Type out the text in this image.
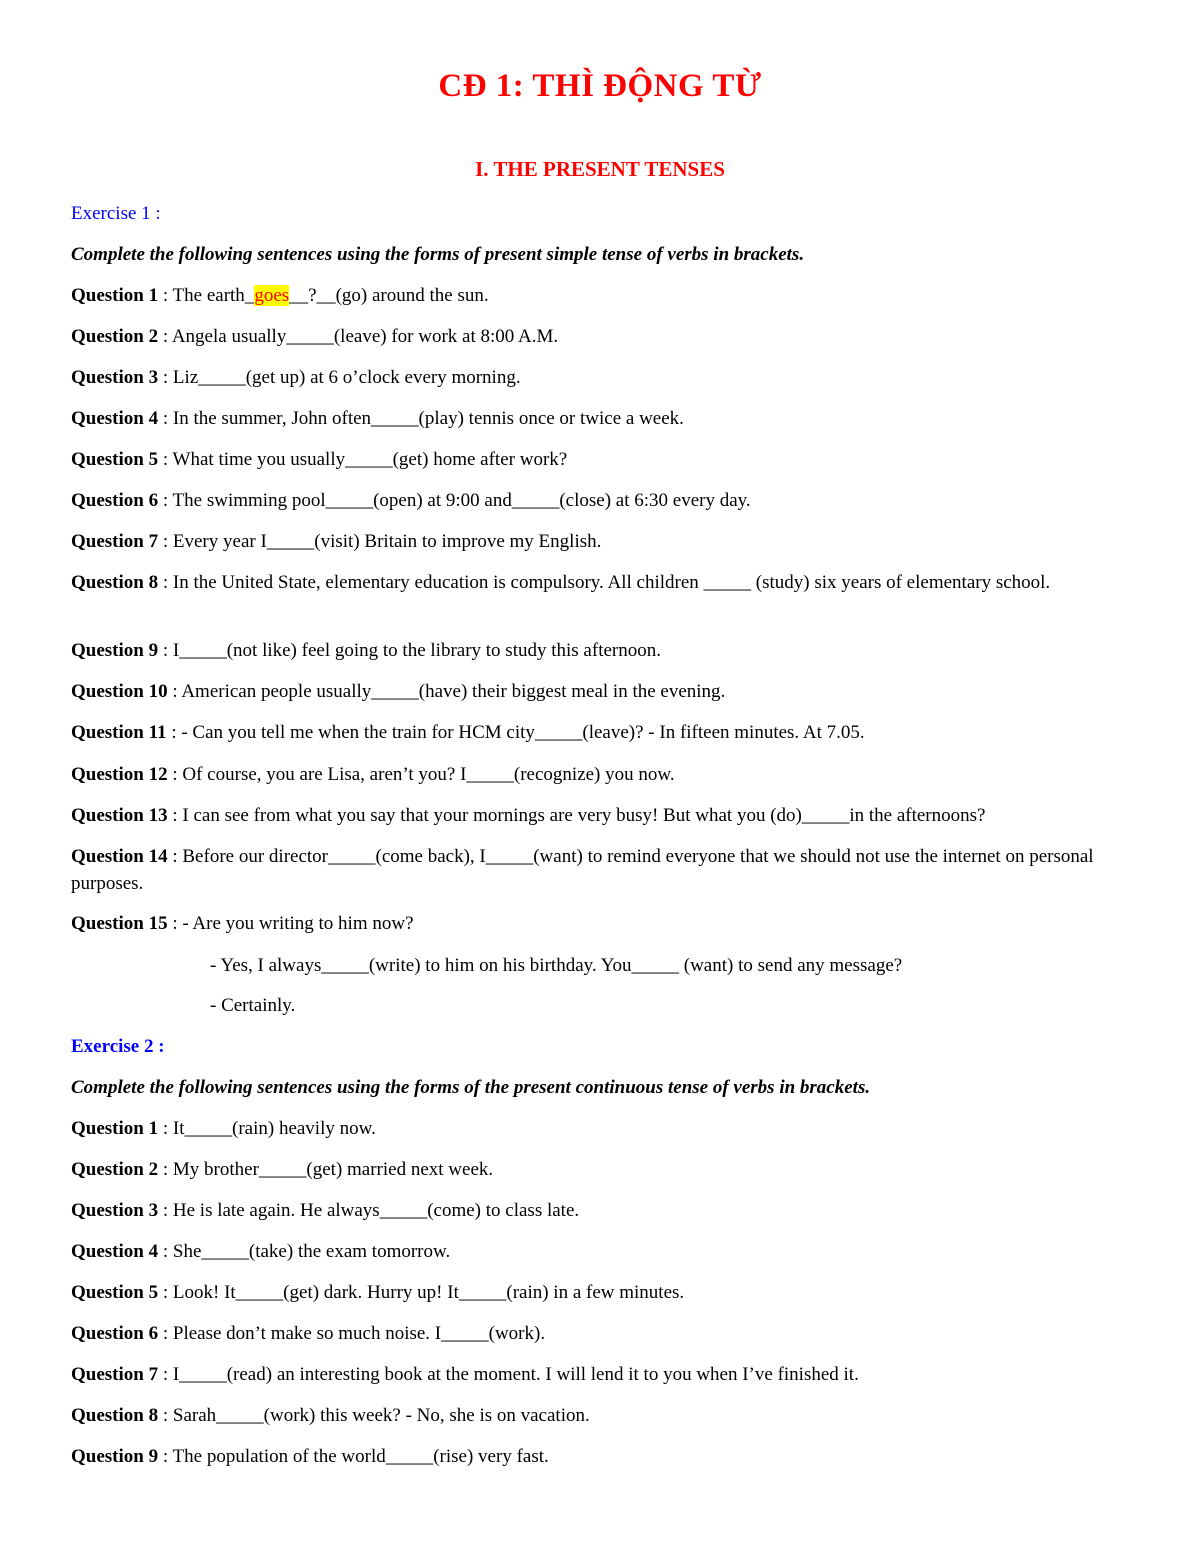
CĐ 1: THÌ ĐỘNG TỪ
I. THE PRESENT TENSES
Exercise 1 :
Complete the following sentences using the forms of present simple tense of verbs in brackets.
Question 1 : The earth_goes__?__(go) around the sun.
Question 2 : Angela usually_____(leave) for work at 8:00 A.M.
Question 3 : Liz_____(get up) at 6 o’clock every morning.
Question 4 : In the summer, John often_____(play) tennis once or twice a week.
Question 5 : What time you usually_____(get) home after work?
Question 6 : The swimming pool_____(open) at 9:00 and_____(close) at 6:30 every day.
Question 7 : Every year I_____(visit) Britain to improve my English.
Question 8 : In the United State, elementary education is compulsory. All children _____ (study) six years of elementary school.
Question 9 : I_____(not like) feel going to the library to study this afternoon.
Question 10 : American people usually_____(have) their biggest meal in the evening.
Question 11 : - Can you tell me when the train for HCM city_____(leave)? - In fifteen minutes. At 7.05.
Question 12 : Of course, you are Lisa, aren’t you? I_____(recognize) you now.
Question 13 : I can see from what you say that your mornings are very busy! But what you (do)_____in the afternoons?
Question 14 : Before our director_____(come back), I_____(want) to remind everyone that we should not use the internet on personal purposes.
Question 15 : - Are you writing to him now?
- Yes, I always_____(write) to him on his birthday. You_____ (want) to send any message?
- Certainly.
Exercise 2 :
Complete the following sentences using the forms of the present continuous tense of verbs in brackets.
Question 1 : It_____(rain) heavily now.
Question 2 : My brother_____(get) married next week.
Question 3 : He is late again. He always_____(come) to class late.
Question 4 : She_____(take) the exam tomorrow.
Question 5 : Look! It_____(get) dark. Hurry up! It_____(rain) in a few minutes.
Question 6 : Please don’t make so much noise. I_____(work).
Question 7 : I_____(read) an interesting book at the moment. I will lend it to you when I’ve finished it.
Question 8 : Sarah_____(work) this week? - No, she is on vacation.
Question 9 : The population of the world_____(rise) very fast.
